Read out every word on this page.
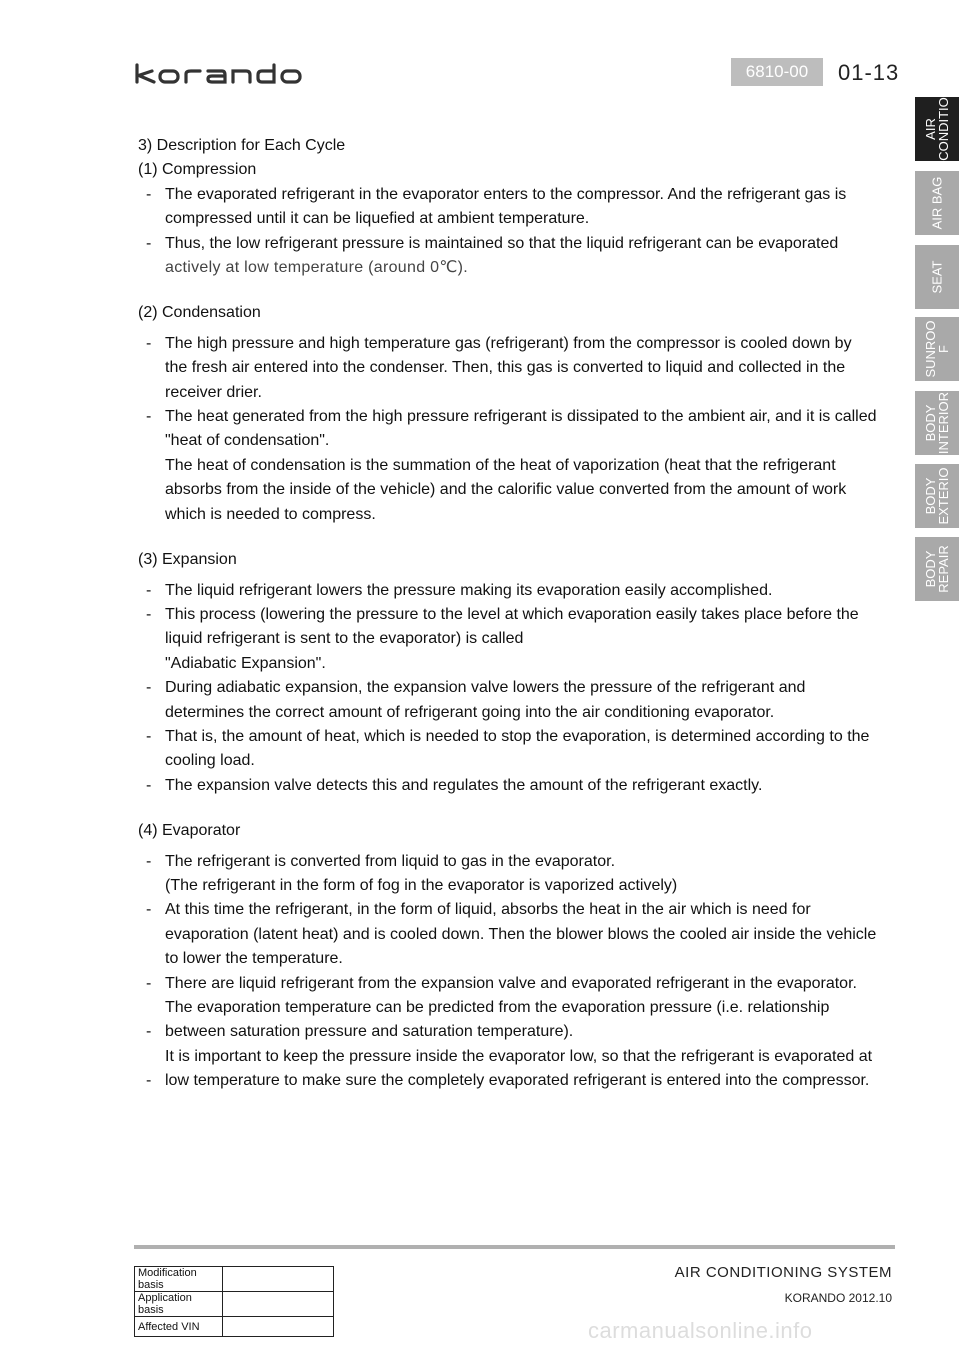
6810-00	01-13
AIR
CONDITIO
AIR BAG
SEAT
SUNROO
F
BODY
INTERIOR
BODY
EXTERIO
BODY
REPAIR
3) Description for Each Cycle
(1) Compression
- The evaporated refrigerant in the evaporator enters to the compressor. And the refrigerant gas is
compressed until it can be liquefied at ambient temperature.
- Thus, the low refrigerant pressure is maintained so that the liquid refrigerant can be evaporated
actively at low temperature (around 0℃).
(2) Condensation
- The high pressure and high temperature gas (refrigerant) from the compressor is cooled down by
the fresh air entered into the condenser. Then, this gas is converted to liquid and collected in the
receiver drier.
- The heat generated from the high pressure refrigerant is dissipated to the ambient air, and it is called
"heat of condensation".
The heat of condensation is the summation of the heat of vaporization (heat that the refrigerant
absorbs from the inside of the vehicle) and the calorific value converted from the amount of work
which is needed to compress.
(3) Expansion
- The liquid refrigerant lowers the pressure making its evaporation easily accomplished.
- This process (lowering the pressure to the level at which evaporation easily takes place before the
liquid refrigerant is sent to the evaporator) is called
"Adiabatic Expansion".
- During adiabatic expansion, the expansion valve lowers the pressure of the refrigerant and
determines the correct amount of refrigerant going into the air conditioning evaporator.
- That is, the amount of heat, which is needed to stop the evaporation, is determined according to the
cooling load.
- The expansion valve detects this and regulates the amount of the refrigerant exactly.
(4) Evaporator
- The refrigerant is converted from liquid to gas in the evaporator.
(The refrigerant in the form of fog in the evaporator is vaporized actively)
- At this time the refrigerant, in the form of liquid, absorbs the heat in the air which is need for
evaporation (latent heat) and is cooled down. Then the blower blows the cooled air inside the vehicle
to lower the temperature.
- There are liquid refrigerant from the expansion valve and evaporated refrigerant in the evaporator.
The evaporation temperature can be predicted from the evaporation pressure (i.e. relationship
- between saturation pressure and saturation temperature).
It is important to keep the pressure inside the evaporator low, so that the refrigerant is evaporated at
- low temperature to make sure the completely evaporated refrigerant is entered into the compressor.
Modification basis	
Application basis	
Affected VIN	
AIR CONDITIONING SYSTEM
KORANDO 2012.10
carmanualsonline.info
